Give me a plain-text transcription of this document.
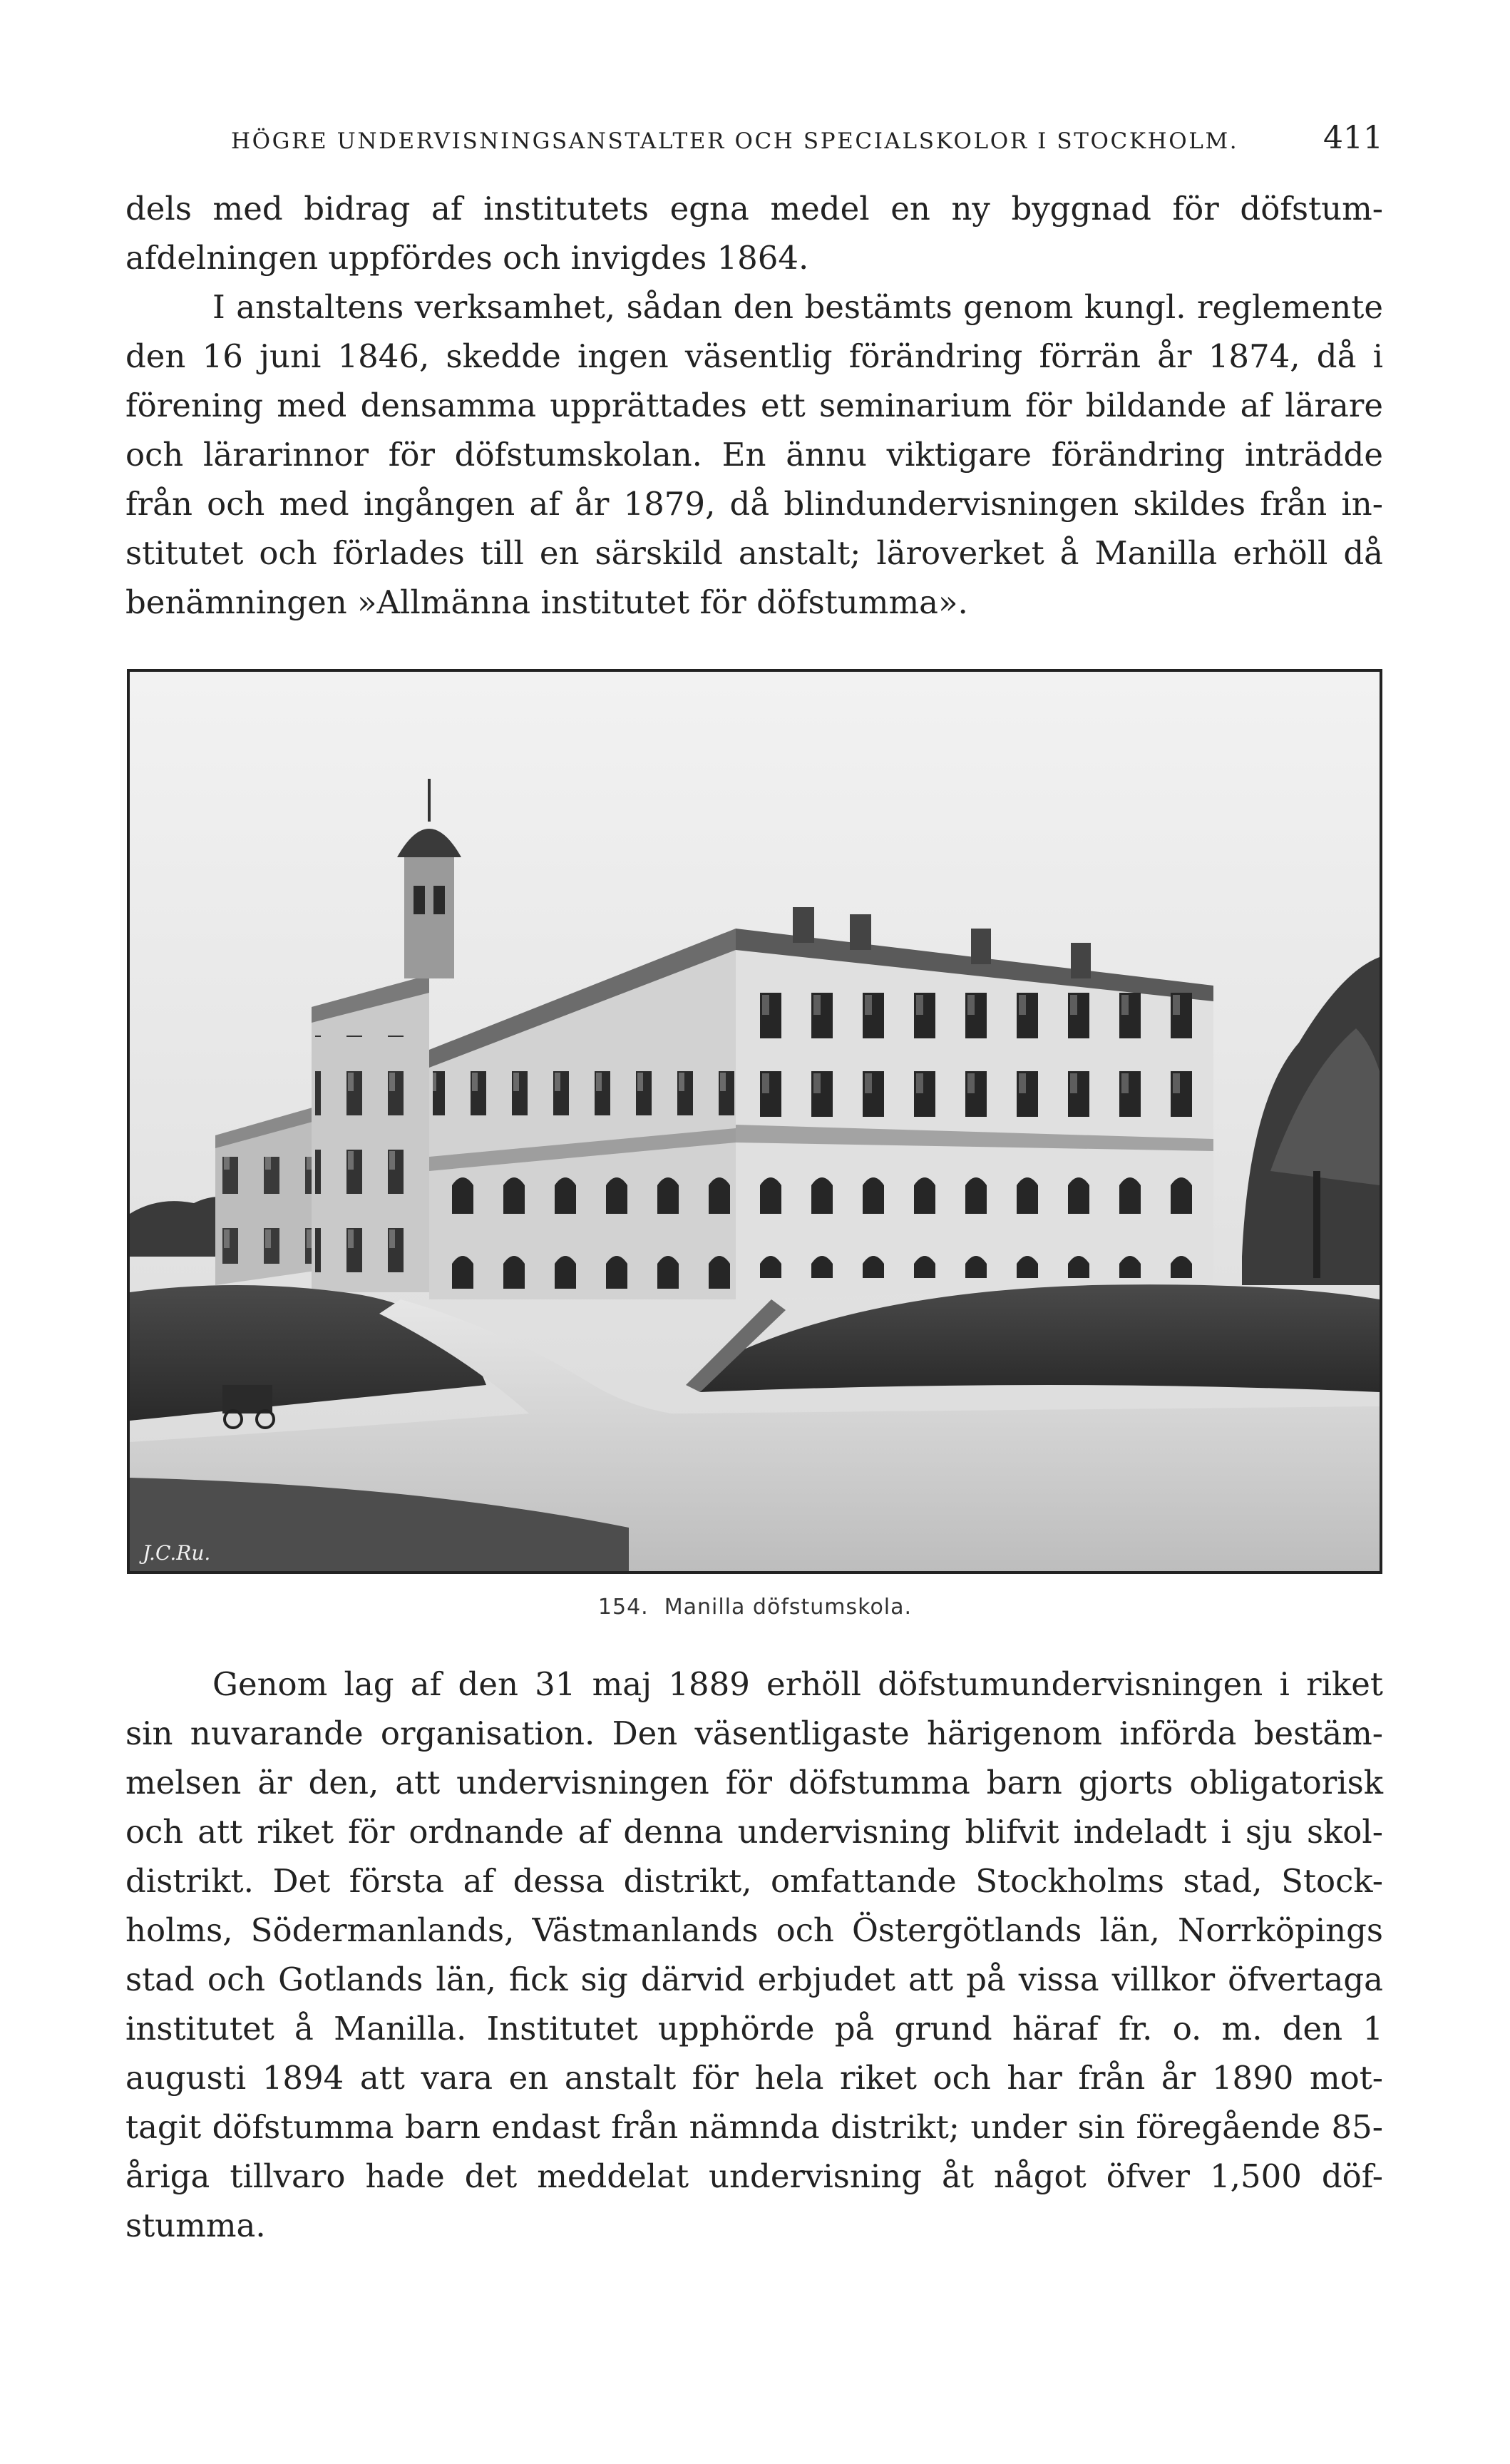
HÖGRE UNDERVISNINGSANSTALTER OCH SPECIALSKOLOR I STOCKHOLM.	411
dels med bidrag af institutets egna medel en ny byggnad för döfstum-
afdelningen uppfördes och invigdes 1864.
I anstaltens verksamhet, sådan den bestämts genom kungl. reglemente
den 16 juni 1846, skedde ingen väsentlig förändring förrän år 1874, då i
förening med densamma upprättades ett seminarium för bildande af lärare
och lärarinnor för döfstumskolan. En ännu viktigare förändring inträdde
från och med ingången af år 1879, då blindundervisningen skildes från in-
stitutet och förlades till en särskild anstalt; läroverket å Manilla erhöll då
benämningen »Allmänna institutet för döfstumma».
J.C.Ru.
154. Manilla döfstumskola.
Genom lag af den 31 maj 1889 erhöll döfstumundervisningen i riket
sin nuvarande organisation. Den väsentligaste härigenom införda bestäm-
melsen är den, att undervisningen för döfstumma barn gjorts obligatorisk
och att riket för ordnande af denna undervisning blifvit indeladt i sju skol-
distrikt. Det första af dessa distrikt, omfattande Stockholms stad, Stock-
holms, Södermanlands, Västmanlands och Östergötlands län, Norrköpings
stad och Gotlands län, fick sig därvid erbjudet att på vissa villkor öfvertaga
institutet å Manilla. Institutet upphörde på grund häraf fr. o. m. den 1
augusti 1894 att vara en anstalt för hela riket och har från år 1890 mot-
tagit döfstumma barn endast från nämnda distrikt; under sin föregående 85-
åriga tillvaro hade det meddelat undervisning åt något öfver 1,500 döf-
stumma.
